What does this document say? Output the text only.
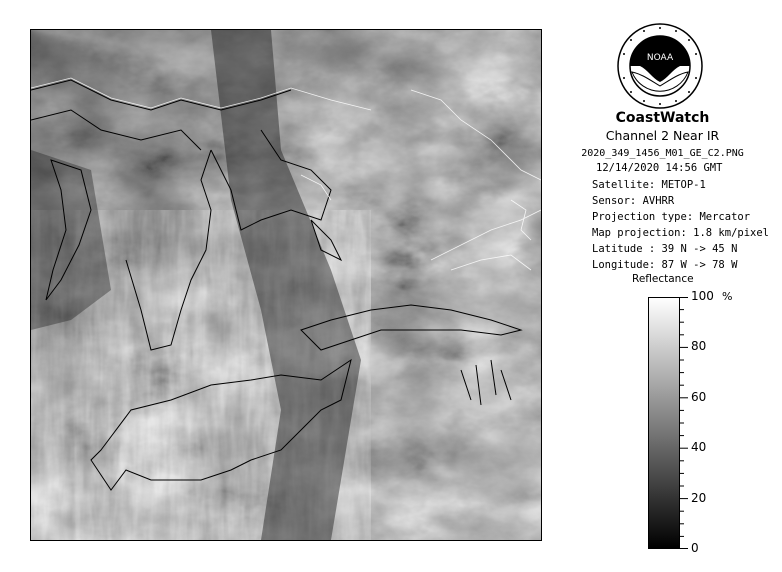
NOAA
CoastWatch
Channel 2 Near IR
2020_349_1456_M01_GE_C2.PNG
12/14/2020 14:56 GMT
Satellite: METOP-1
Sensor: AVHRR
Projection type: Mercator
Map projection: 1.8 km/pixel
Latitude : 39 N -> 45 N
Longitude: 87 W -> 78 W
Reflectance
%
100
80
60
40
20
0
